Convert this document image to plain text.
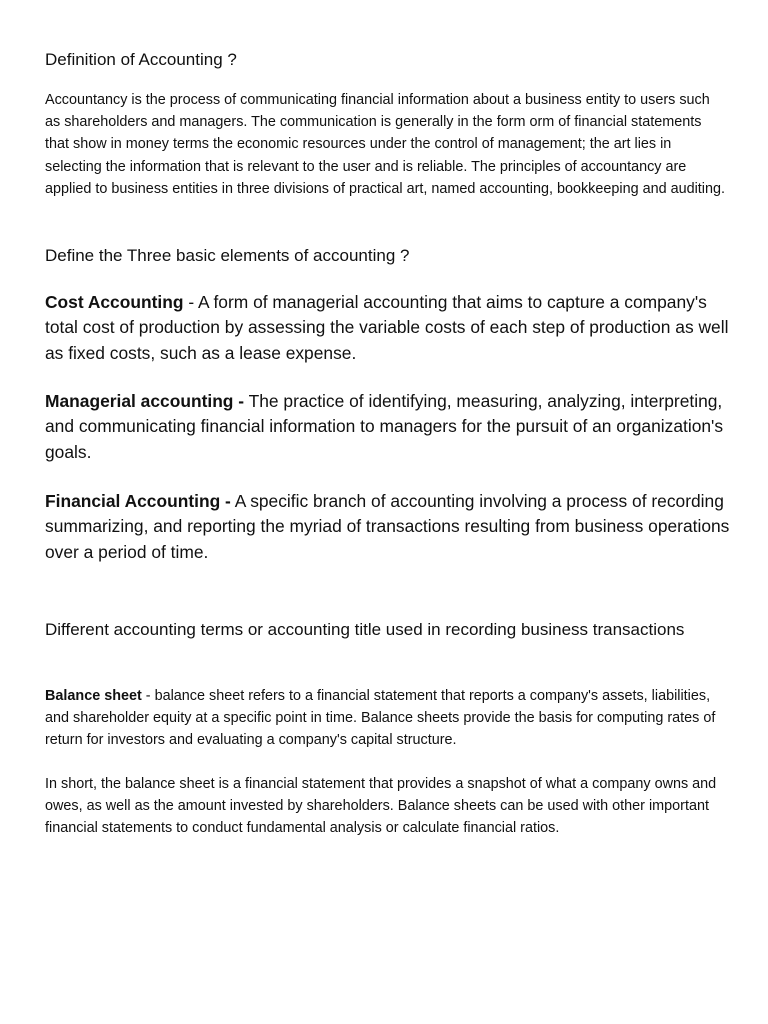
Definition of Accounting ?

Accountancy is the process of communicating financial information about a business entity to users such as shareholders and managers. The communication is generally in the form orm of financial statements that show in money terms the economic resources under the control of management; the art lies in selecting the information that is relevant to the user and is reliable. The principles of accountancy are applied to business entities in three divisions of practical art, named accounting, bookkeeping and auditing.

Define the Three basic elements of accounting ?

Cost Accounting - A form of managerial accounting that aims to capture a company's total cost of production by assessing the variable costs of each step of production as well as fixed costs, such as a lease expense.

Managerial accounting - The practice of identifying, measuring, analyzing, interpreting, and communicating financial information to managers for the pursuit of an organization's goals.

Financial Accounting - A specific branch of accounting involving a process of recording summarizing, and reporting the myriad of transactions resulting from business operations over a period of time.

Different accounting terms or accounting title used in recording business transactions

Balance sheet - balance sheet refers to a financial statement that reports a company's assets, liabilities, and shareholder equity at a specific point in time. Balance sheets provide the basis for computing rates of return for investors and evaluating a company's capital structure.

In short, the balance sheet is a financial statement that provides a snapshot of what a company owns and owes, as well as the amount invested by shareholders. Balance sheets can be used with other important financial statements to conduct fundamental analysis or calculate financial ratios.
